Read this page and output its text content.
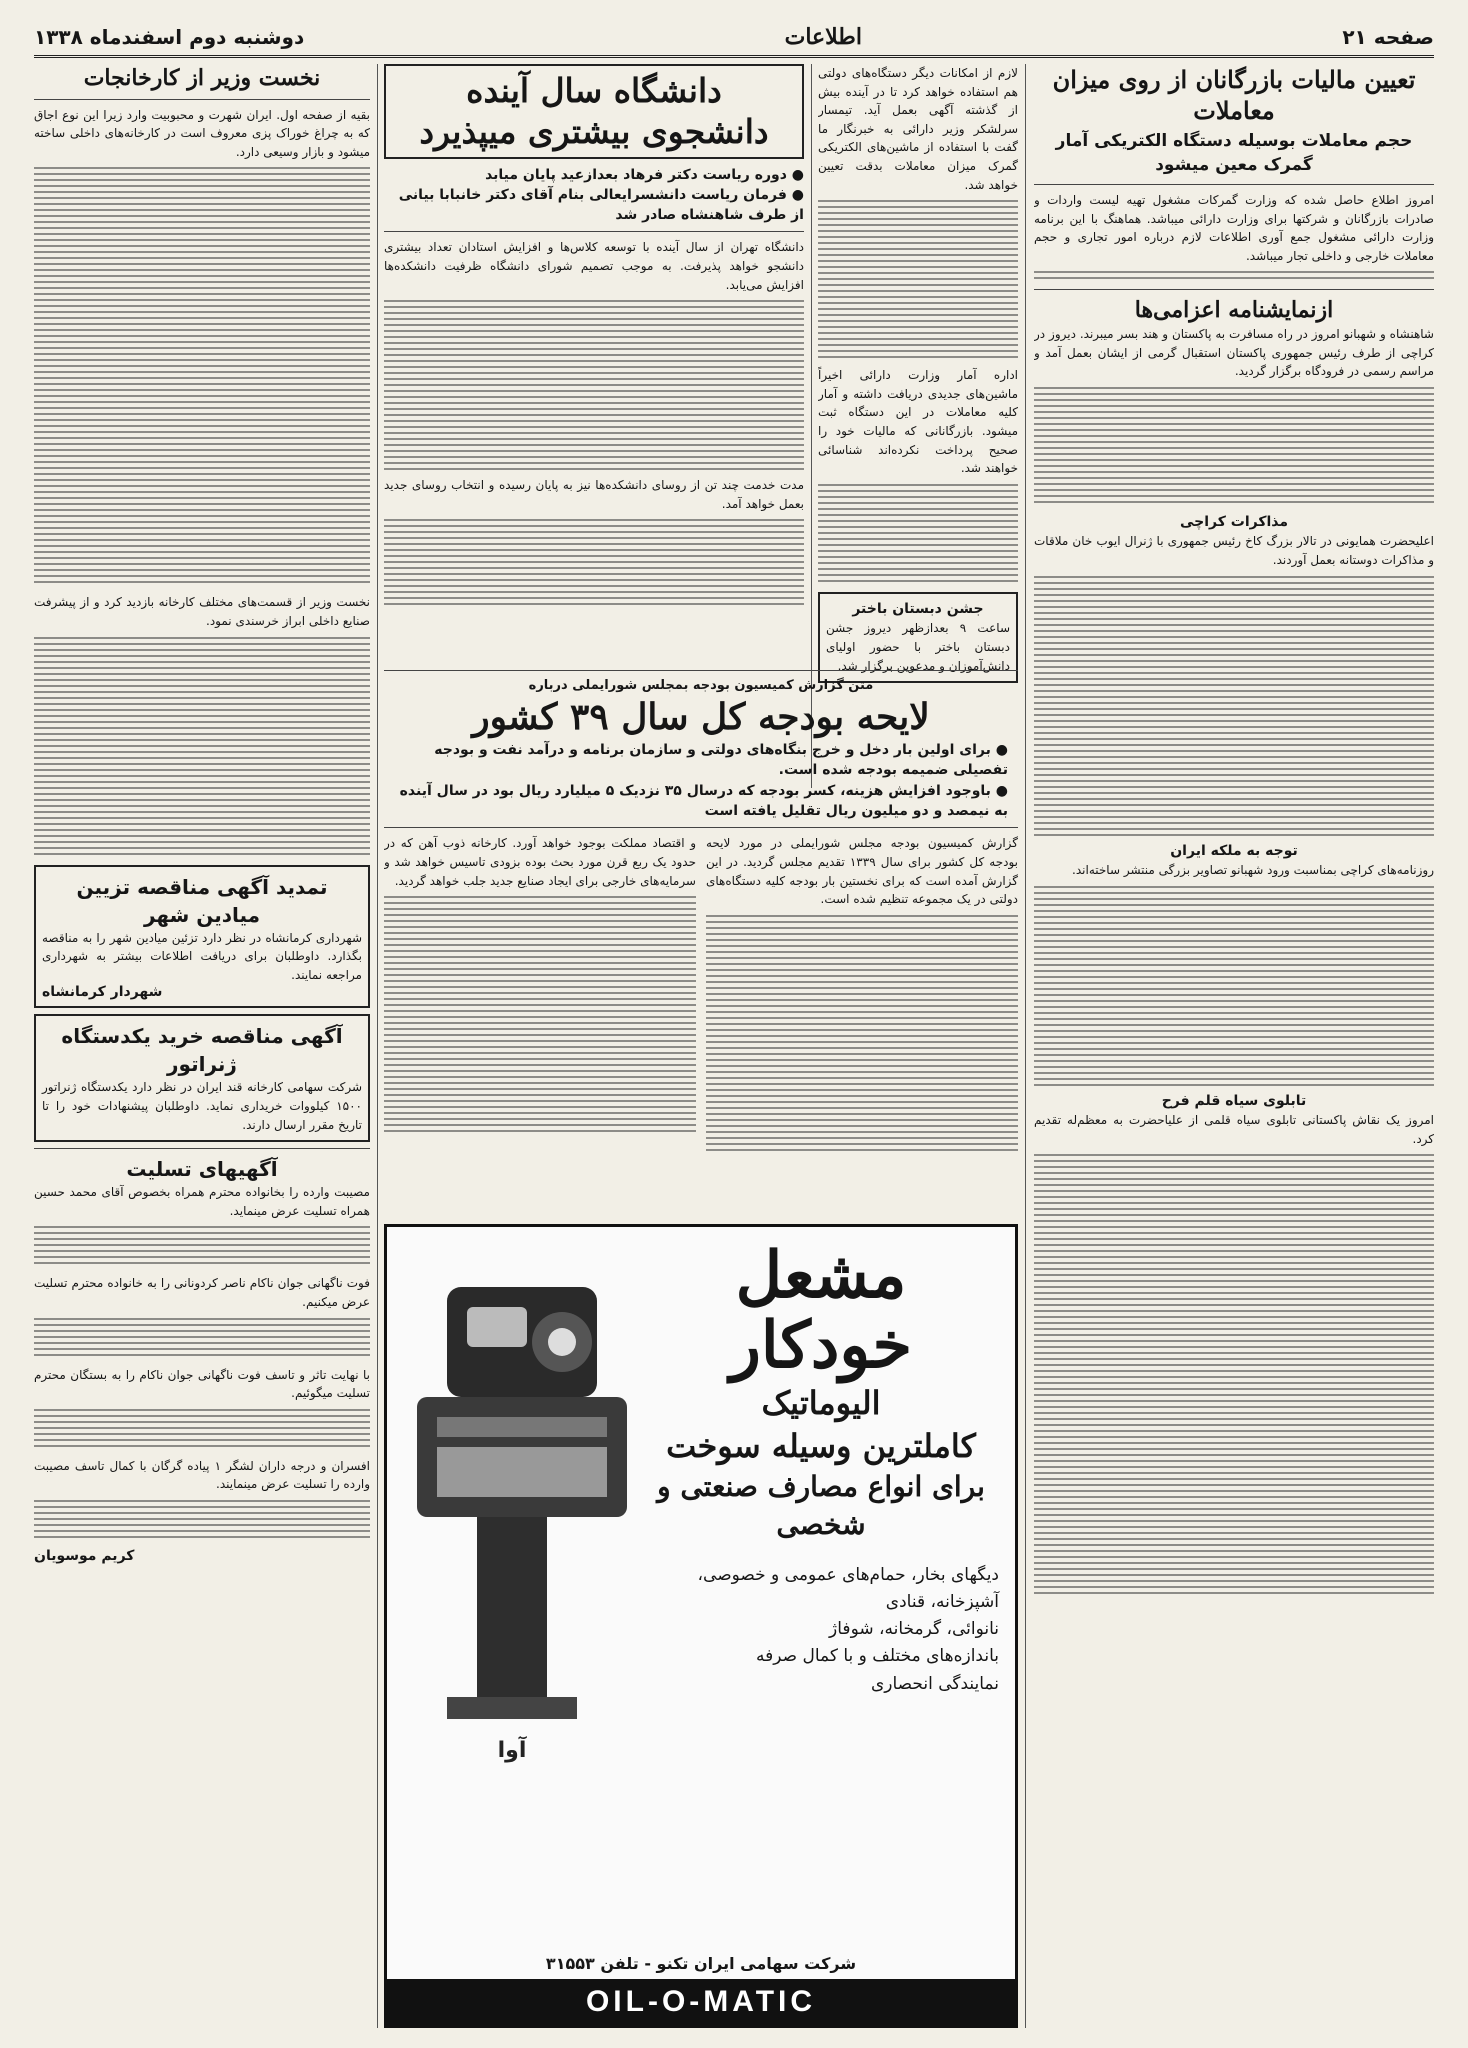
صفحه ۲۱
اطلاعات
دوشنبه دوم اسفندماه ۱۳۳۸
تعیین مالیات بازرگانان از روی میزان معاملات
حجم معاملات بوسیله دستگاه الکتریکی آمار گمرک معین میشود

امروز اطلاع حاصل شده که وزارت گمرکات مشغول تهیه لیست واردات و صادرات بازرگانان و شرکتها برای وزارت دارائی میباشد. هماهنگ با این برنامه وزارت دارائی مشغول جمع آوری اطلاعات لازم درباره امور تجاری و حجم معاملات خارجی و داخلی تجار میباشد.

ازنمایشنامه اعزامی‌ها

شاهنشاه و شهبانو امروز در راه مسافرت به پاکستان و هند بسر میبرند. دیروز در کراچی از طرف رئیس جمهوری پاکستان استقبال گرمی از ایشان بعمل آمد و مراسم رسمی در فرودگاه برگزار گردید.

مذاکرات کراچی

اعلیحضرت همایونی در تالار بزرگ کاخ رئیس جمهوری با ژنرال ایوب خان ملاقات و مذاکرات دوستانه بعمل آوردند.

توجه به ملکه ایران

روزنامه‌های کراچی بمناسبت ورود شهبانو تصاویر بزرگی منتشر ساخته‌اند.

تابلوی سیاه قلم فرح

امروز یک نقاش پاکستانی تابلوی سیاه قلمی از علیاحضرت به معظم‌له تقدیم کرد.

لازم از امکانات دیگر دستگاه‌های دولتی هم استفاده خواهد کرد تا در آینده بیش از گذشته آگهی بعمل آید. تیمسار سرلشکر وزیر دارائی به خبرنگار ما گفت با استفاده از ماشین‌های الکتریکی گمرک میزان معاملات بدقت تعیین خواهد شد.

اداره آمار وزارت دارائی اخیراً ماشین‌های جدیدی دریافت داشته و آمار کلیه معاملات در این دستگاه ثبت میشود. بازرگانانی که مالیات خود را صحیح پرداخت نکرده‌اند شناسائی خواهند شد.

جشن دبستان باختر

ساعت ۹ بعدازظهر دیروز جشن دبستان باختر با حضور اولیای دانش‌آموزان و مدعوین برگزار شد.

دانشگاه سال آینده
دانشجوی بیشتری میپذیرد
● دوره ریاست دکتر فرهاد بعدازعید پایان میابد
● فرمان ریاست دانشسرایعالی بنام آقای دکتر خانبابا بیانی از طرف شاهنشاه صادر شد

دانشگاه تهران از سال آینده با توسعه کلاس‌ها و افزایش استادان تعداد بیشتری دانشجو خواهد پذیرفت. به موجب تصمیم شورای دانشگاه ظرفیت دانشکده‌ها افزایش می‌یابد.

مدت خدمت چند تن از روسای دانشکده‌ها نیز به پایان رسیده و انتخاب روسای جدید بعمل خواهد آمد.

متن گزارش کمیسیون بودجه بمجلس شورایملی درباره
لایحه بودجه کل سال ۳۹ کشور
● برای اولین بار دخل و خرج بنگاه‌های دولتی و سازمان برنامه و درآمد نفت و بودجه تفصیلی ضمیمه بودجه شده است.
● باوجود افزایش هزینه، کسر بودجه که درسال ۳۵ نزدیک ۵ میلیارد ریال بود در سال آینده به نیمصد و دو میلیون ریال تقلیل یافته است

گزارش کمیسیون بودجه مجلس شورایملی در مورد لایحه بودجه کل کشور برای سال ۱۳۳۹ تقدیم مجلس گردید. در این گزارش آمده است که برای نخستین بار بودجه کلیه دستگاه‌های دولتی در یک مجموعه تنظیم شده است.

و اقتصاد مملکت بوجود خواهد آورد. کارخانه ذوب آهن که در حدود یک ربع قرن مورد بحث بوده بزودی تاسیس خواهد شد و سرمایه‌های خارجی برای ایجاد صنایع جدید جلب خواهد گردید.

مشعل خودکار
الیوماتیک
کاملترین وسیله سوخت
برای انواع مصارف صنعتی و شخصی
دیگهای بخار، حمام‌های عمومی و خصوصی، آشپزخانه، قنادی
نانوائی، گرمخانه، شوفاژ
باندازه‌های مختلف و با کمال صرفه
نمایندگی انحصاری
آوا
شرکت سهامی ایران تکنو - تلفن ۳۱۵۵۳
OIL-O-MATIC
نخست وزیر از کارخانجات

بقیه از صفحه اول. ایران شهرت و محبوبیت وارد زیرا این نوع اجاق که به چراغ خوراک پزی معروف است در کارخانه‌های داخلی ساخته میشود و بازار وسیعی دارد.

نخست وزیر از قسمت‌های مختلف کارخانه بازدید کرد و از پیشرفت صنایع داخلی ابراز خرسندی نمود.

تمدید آگهی مناقصه تزیین میادین شهر

شهرداری کرمانشاه در نظر دارد تزئین میادین شهر را به مناقصه بگذارد. داوطلبان برای دریافت اطلاعات بیشتر به شهرداری مراجعه نمایند.

شهردار کرمانشاه
آگهی مناقصه خرید یکدستگاه ژنراتور

شرکت سهامی کارخانه قند ایران در نظر دارد یکدستگاه ژنراتور ۱۵۰۰ کیلووات خریداری نماید. داوطلبان پیشنهادات خود را تا تاریخ مقرر ارسال دارند.

آگهیهای تسلیت

مصیبت وارده را بخانواده محترم همراه بخصوص آقای محمد حسین همراه تسلیت عرض مینماید.

فوت ناگهانی جوان ناکام ناصر کردونانی را به خانواده محترم تسلیت عرض میکنیم.

با نهایت تاثر و تاسف فوت ناگهانی جوان ناکام را به بستگان محترم تسلیت میگوئیم.

افسران و درجه داران لشگر ۱ پیاده گرگان با کمال تاسف مصیبت وارده را تسلیت عرض مینمایند.

کریم موسویان
